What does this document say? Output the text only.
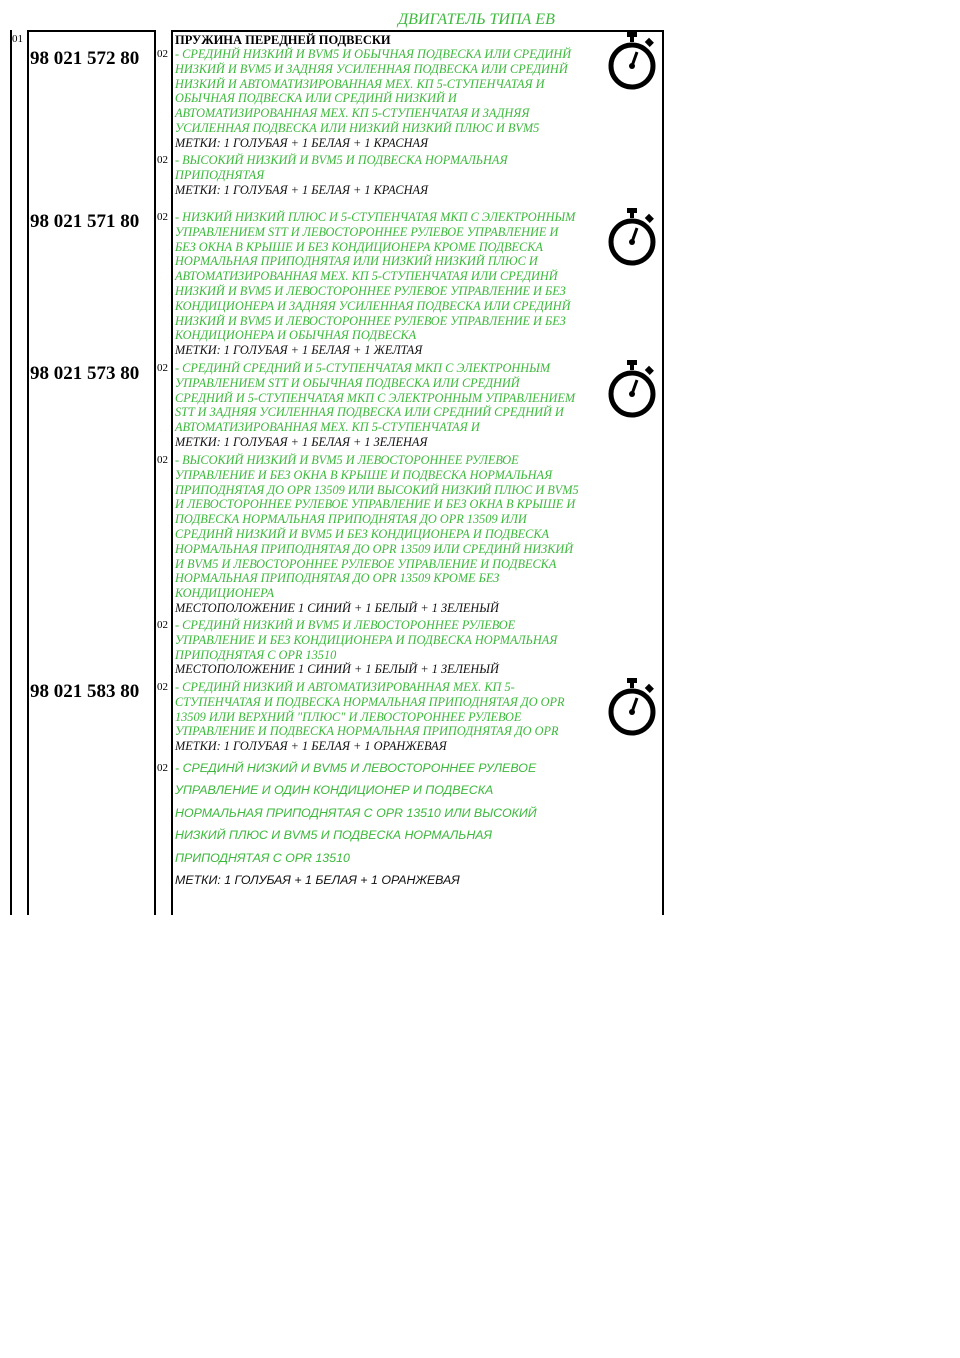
ДВИГАТЕЛЬ ТИПА EB
01	ПРУЖИНА ПЕРЕДНЕЙ ПОДВЕСКИ
98 021 572 80
98 021 571 80
98 021 573 80
98 021 583 80
02
02
02
02
02
02
02
02
- СРЕДИНЙ НИЗКИЙ И BVM5 И ОБЫЧНАЯ ПОДВЕСКА ИЛИ СРЕДИНЙ
НИЗКИЙ И BVM5 И ЗАДНЯЯ УСИЛЕННАЯ ПОДВЕСКА ИЛИ СРЕДИНЙ
НИЗКИЙ И АВТОМАТИЗИРОВАННАЯ МЕХ. КП 5-СТУПЕНЧАТАЯ И
ОБЫЧНАЯ ПОДВЕСКА ИЛИ СРЕДИНЙ НИЗКИЙ И
АВТОМАТИЗИРОВАННАЯ МЕХ. КП 5-СТУПЕНЧАТАЯ И ЗАДНЯЯ
УСИЛЕННАЯ ПОДВЕСКА ИЛИ НИЗКИЙ НИЗКИЙ ПЛЮС И BVM5
МЕТКИ: 1 ГОЛУБАЯ + 1 БЕЛАЯ + 1 КРАСНАЯ
- ВЫСОКИЙ НИЗКИЙ И BVM5 И ПОДВЕСКА НОРМАЛЬНАЯ
ПРИПОДНЯТАЯ
МЕТКИ: 1 ГОЛУБАЯ + 1 БЕЛАЯ + 1 КРАСНАЯ
- НИЗКИЙ НИЗКИЙ ПЛЮС И 5-СТУПЕНЧАТАЯ МКП С ЭЛЕКТРОННЫМ
УПРАВЛЕНИЕМ STT И ЛЕВОСТОРОННЕЕ РУЛЕВОЕ УПРАВЛЕНИЕ И
БЕЗ ОКНА В КРЫШЕ И БЕЗ КОНДИЦИОНЕРА КРОМЕ ПОДВЕСКА
НОРМАЛЬНАЯ ПРИПОДНЯТАЯ ИЛИ НИЗКИЙ НИЗКИЙ ПЛЮС И
АВТОМАТИЗИРОВАННАЯ МЕХ. КП 5-СТУПЕНЧАТАЯ ИЛИ СРЕДИНЙ
НИЗКИЙ И BVM5 И ЛЕВОСТОРОННЕЕ РУЛЕВОЕ УПРАВЛЕНИЕ И БЕЗ
КОНДИЦИОНЕРА И ЗАДНЯЯ УСИЛЕННАЯ ПОДВЕСКА ИЛИ СРЕДИНЙ
НИЗКИЙ И BVM5 И ЛЕВОСТОРОННЕЕ РУЛЕВОЕ УПРАВЛЕНИЕ И БЕЗ
КОНДИЦИОНЕРА И ОБЫЧНАЯ ПОДВЕСКА
МЕТКИ: 1 ГОЛУБАЯ + 1 БЕЛАЯ + 1 ЖЕЛТАЯ
- СРЕДИНЙ СРЕДНИЙ И 5-СТУПЕНЧАТАЯ МКП С ЭЛЕКТРОННЫМ
УПРАВЛЕНИЕМ STT И ОБЫЧНАЯ ПОДВЕСКА ИЛИ СРЕДНИЙ
СРЕДНИЙ И 5-СТУПЕНЧАТАЯ МКП С ЭЛЕКТРОННЫМ УПРАВЛЕНИЕМ
STT И ЗАДНЯЯ УСИЛЕННАЯ ПОДВЕСКА ИЛИ СРЕДНИЙ СРЕДНИЙ И
АВТОМАТИЗИРОВАННАЯ МЕХ. КП 5-СТУПЕНЧАТАЯ И
МЕТКИ: 1 ГОЛУБАЯ + 1 БЕЛАЯ + 1 ЗЕЛЕНАЯ
- ВЫСОКИЙ НИЗКИЙ И BVM5 И ЛЕВОСТОРОННЕЕ РУЛЕВОЕ
УПРАВЛЕНИЕ И БЕЗ ОКНА В КРЫШЕ И ПОДВЕСКА НОРМАЛЬНАЯ
ПРИПОДНЯТАЯ ДО OPR 13509 ИЛИ ВЫСОКИЙ НИЗКИЙ ПЛЮС И BVM5
И ЛЕВОСТОРОННЕЕ РУЛЕВОЕ УПРАВЛЕНИЕ И БЕЗ ОКНА В КРЫШЕ И
ПОДВЕСКА НОРМАЛЬНАЯ ПРИПОДНЯТАЯ ДО OPR 13509 ИЛИ
СРЕДИНЙ НИЗКИЙ И BVM5 И БЕЗ КОНДИЦИОНЕРА И ПОДВЕСКА
НОРМАЛЬНАЯ ПРИПОДНЯТАЯ ДО OPR 13509 ИЛИ СРЕДИНЙ НИЗКИЙ
И BVM5 И ЛЕВОСТОРОННЕЕ РУЛЕВОЕ УПРАВЛЕНИЕ И ПОДВЕСКА
НОРМАЛЬНАЯ ПРИПОДНЯТАЯ ДО OPR 13509 КРОМЕ БЕЗ
КОНДИЦИОНЕРА
МЕСТОПОЛОЖЕНИЕ 1 СИНИЙ + 1 БЕЛЫЙ + 1 ЗЕЛЕНЫЙ
- СРЕДИНЙ НИЗКИЙ И BVM5 И ЛЕВОСТОРОННЕЕ РУЛЕВОЕ
УПРАВЛЕНИЕ И БЕЗ КОНДИЦИОНЕРА И ПОДВЕСКА НОРМАЛЬНАЯ
ПРИПОДНЯТАЯ С OPR 13510
МЕСТОПОЛОЖЕНИЕ 1 СИНИЙ + 1 БЕЛЫЙ + 1 ЗЕЛЕНЫЙ
- СРЕДИНЙ НИЗКИЙ И АВТОМАТИЗИРОВАННАЯ МЕХ. КП 5-
СТУПЕНЧАТАЯ И ПОДВЕСКА НОРМАЛЬНАЯ ПРИПОДНЯТАЯ ДО OPR
13509 ИЛИ ВЕРХНИЙ "ПЛЮС" И ЛЕВОСТОРОННЕЕ РУЛЕВОЕ
УПРАВЛЕНИЕ И ПОДВЕСКА НОРМАЛЬНАЯ ПРИПОДНЯТАЯ ДО OPR
МЕТКИ: 1 ГОЛУБАЯ + 1 БЕЛАЯ + 1 ОРАНЖЕВАЯ
- СРЕДИНЙ НИЗКИЙ И BVM5 И ЛЕВОСТОРОННЕЕ РУЛЕВОЕ
УПРАВЛЕНИЕ И ОДИН КОНДИЦИОНЕР И ПОДВЕСКА
НОРМАЛЬНАЯ ПРИПОДНЯТАЯ С OPR 13510 ИЛИ ВЫСОКИЙ
НИЗКИЙ ПЛЮС И BVM5 И ПОДВЕСКА НОРМАЛЬНАЯ
ПРИПОДНЯТАЯ С OPR 13510
МЕТКИ: 1 ГОЛУБАЯ + 1 БЕЛАЯ + 1 ОРАНЖЕВАЯ
